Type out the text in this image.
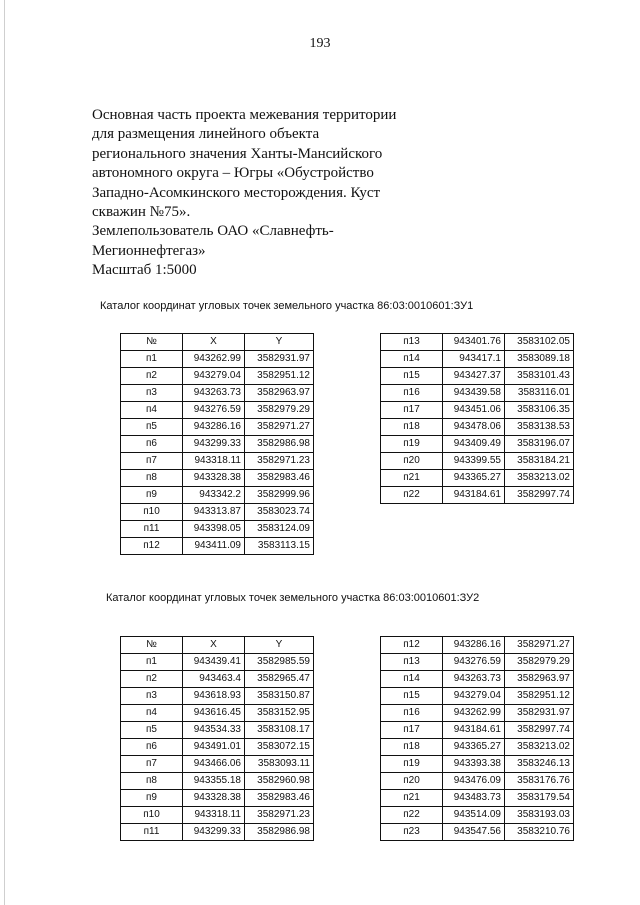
193
Основная часть проекта межевания территории
для размещения линейного объекта
регионального значения Ханты-Мансийского
автономного округа – Югры «Обустройство
Западно-Асомкинского месторождения. Куст
скважин №75».
Землепользователь ОАО «Славнефть-
Мегионнефтегаз»
Масштаб 1:5000
Каталог координат угловых точек земельного участка 86:03:0010601:ЗУ1
№	X	Y
п1	943262.99	3582931.97
п2	943279.04	3582951.12
п3	943263.73	3582963.97
п4	943276.59	3582979.29
п5	943286.16	3582971.27
п6	943299.33	3582986.98
п7	943318.11	3582971.23
п8	943328.38	3582983.46
п9	943342.2	3582999.96
п10	943313.87	3583023.74
п11	943398.05	3583124.09
п12	943411.09	3583113.15
п13	943401.76	3583102.05
п14	943417.1	3583089.18
п15	943427.37	3583101.43
п16	943439.58	3583116.01
п17	943451.06	3583106.35
п18	943478.06	3583138.53
п19	943409.49	3583196.07
п20	943399.55	3583184.21
п21	943365.27	3583213.02
п22	943184.61	3582997.74
Каталог координат угловых точек земельного участка 86:03:0010601:ЗУ2
№	X	Y
п1	943439.41	3582985.59
п2	943463.4	3582965.47
п3	943618.93	3583150.87
п4	943616.45	3583152.95
п5	943534.33	3583108.17
п6	943491.01	3583072.15
п7	943466.06	3583093.11
п8	943355.18	3582960.98
п9	943328.38	3582983.46
п10	943318.11	3582971.23
п11	943299.33	3582986.98
п12	943286.16	3582971.27
п13	943276.59	3582979.29
п14	943263.73	3582963.97
п15	943279.04	3582951.12
п16	943262.99	3582931.97
п17	943184.61	3582997.74
п18	943365.27	3583213.02
п19	943393.38	3583246.13
п20	943476.09	3583176.76
п21	943483.73	3583179.54
п22	943514.09	3583193.03
п23	943547.56	3583210.76
